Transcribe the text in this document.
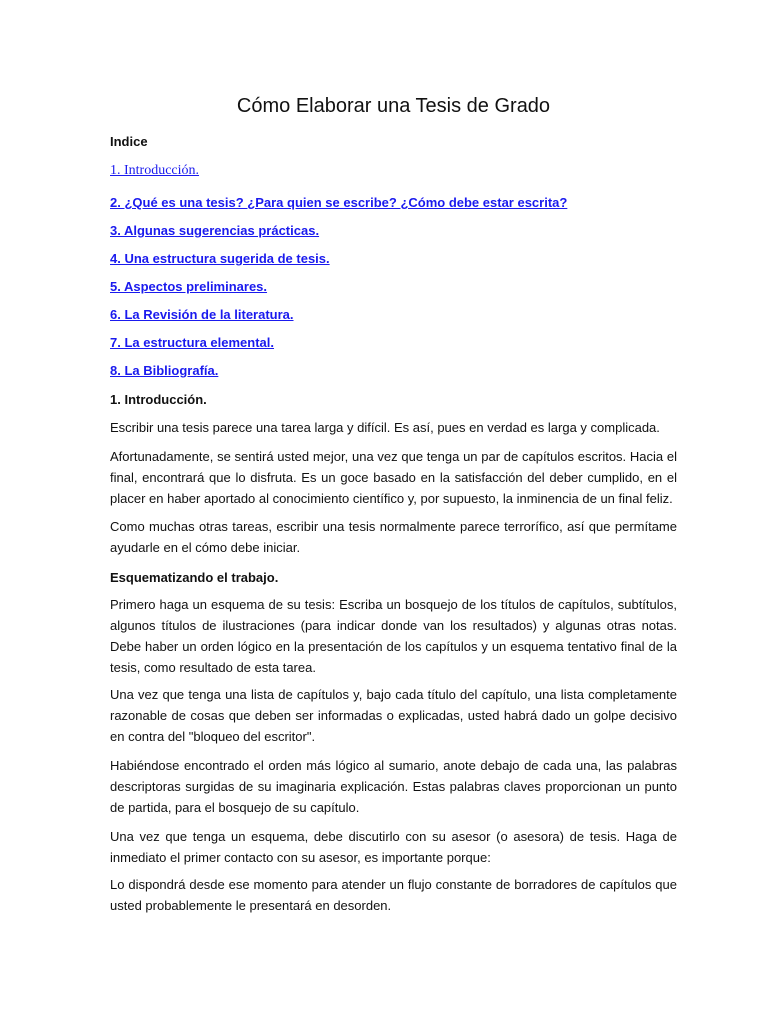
Cómo Elaborar una Tesis de Grado

Indice

1. Introducción.
2. ¿Qué es una tesis? ¿Para quien se escribe? ¿Cómo debe estar escrita?
3. Algunas sugerencias prácticas.
4. Una estructura sugerida de tesis.
5. Aspectos preliminares.
6. La Revisión de la literatura.
7. La estructura elemental.
8. La Bibliografía.

1. Introducción.

Escribir una tesis parece una tarea larga y difícil. Es así, pues en verdad es larga y complicada.

Afortunadamente, se sentirá usted mejor, una vez que tenga un par de capítulos escritos. Hacia el final, encontrará que lo disfruta. Es un goce basado en la satisfacción del deber cumplido, en el placer en haber aportado al conocimiento científico y, por supuesto, la inminencia de un final feliz.

Como muchas otras tareas, escribir una tesis normalmente parece terrorífico, así que permítame ayudarle en el cómo debe iniciar.

Esquematizando el trabajo.

Primero haga un esquema de su tesis: Escriba un bosquejo de los títulos de capítulos, subtítulos, algunos títulos de ilustraciones (para indicar donde van los resultados) y algunas otras notas. Debe haber un orden lógico en la presentación de los capítulos y un esquema tentativo final de la tesis, como resultado de esta tarea.

Una vez que tenga una lista de capítulos y, bajo cada título del capítulo, una lista completamente razonable de cosas que deben ser informadas o explicadas, usted habrá dado un golpe decisivo en contra del "bloqueo del escritor".

Habiéndose encontrado el orden más lógico al sumario, anote debajo de cada una, las palabras descriptoras surgidas de su imaginaria explicación. Estas palabras claves proporcionan un punto de partida, para el bosquejo de su capítulo.

Una vez que tenga un esquema, debe discutirlo con su asesor (o asesora) de tesis. Haga de inmediato el primer contacto con su asesor, es importante porque:

Lo dispondrá desde ese momento para atender un flujo constante de borradores de capítulos que usted probablemente le presentará en desorden.
